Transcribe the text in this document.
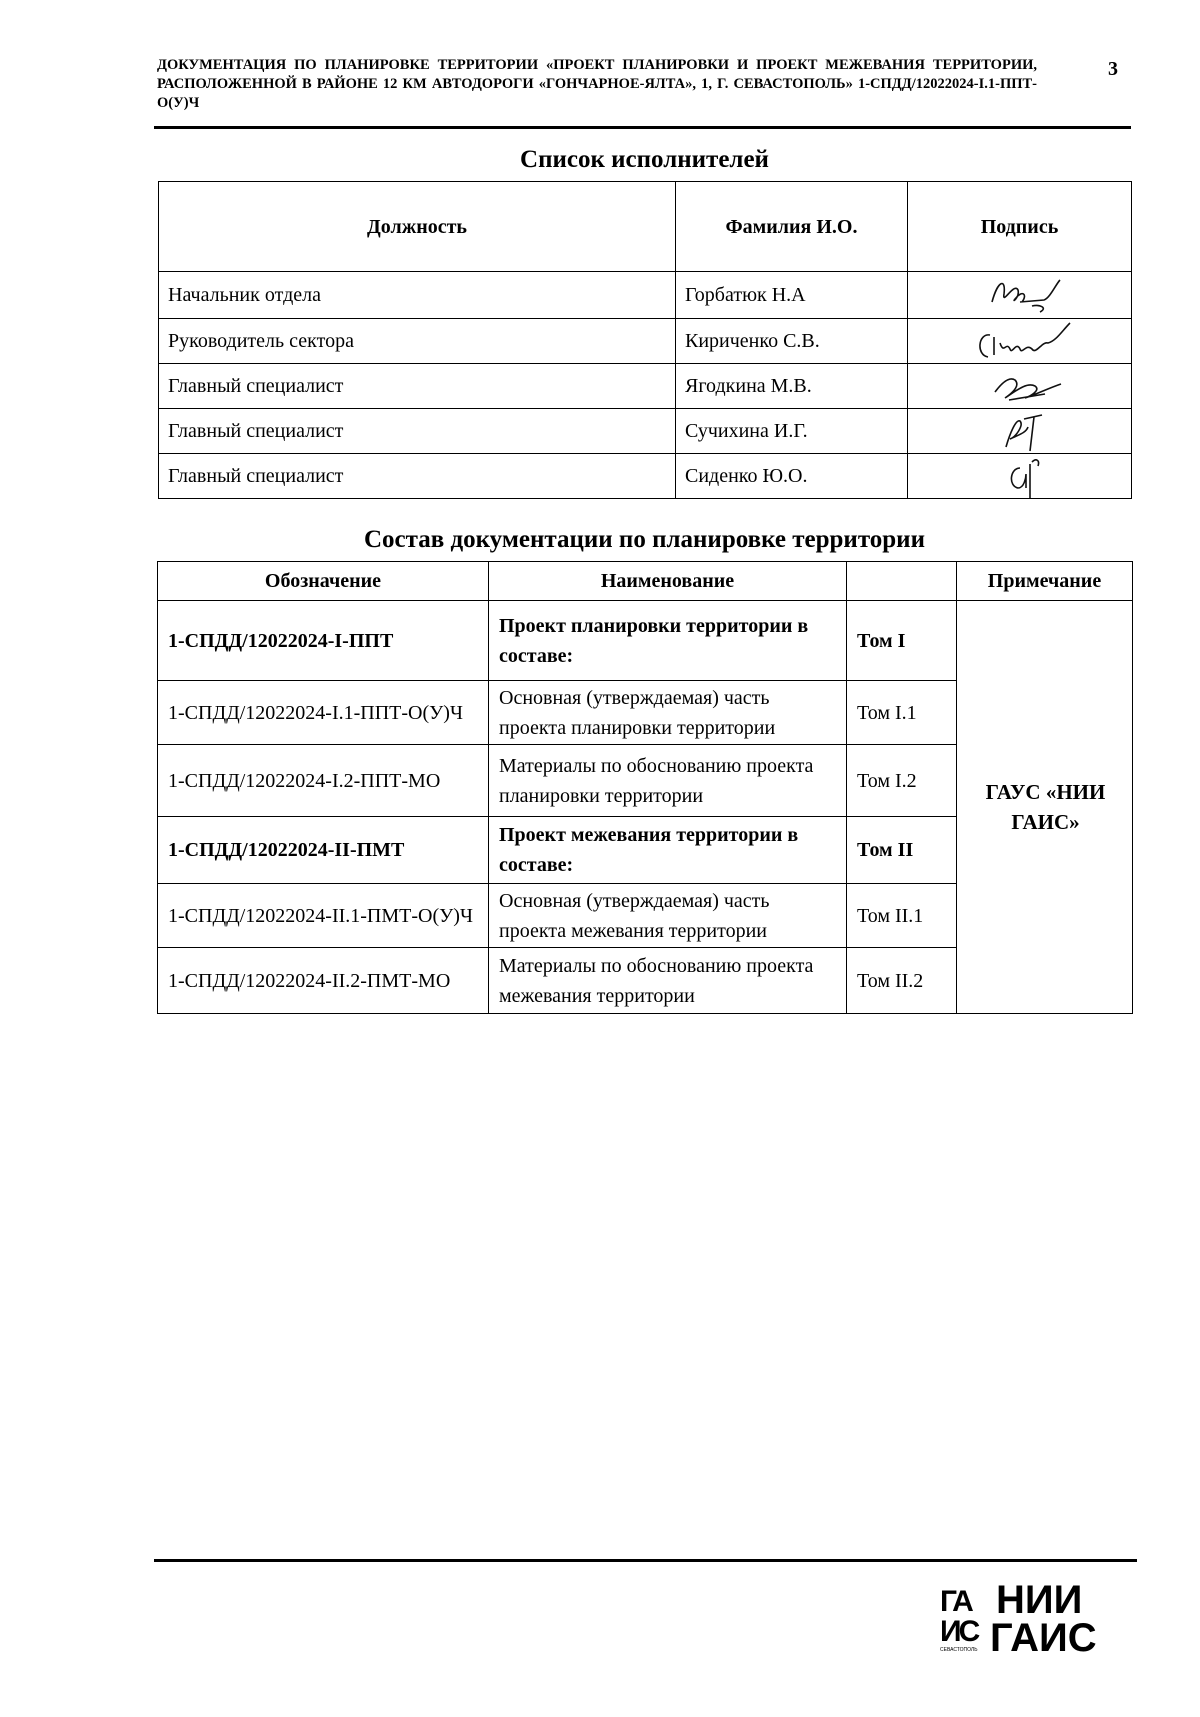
ДОКУМЕНТАЦИЯ ПО ПЛАНИРОВКЕ ТЕРРИТОРИИ «ПРОЕКТ ПЛАНИРОВКИ И ПРОЕКТ МЕЖЕВАНИЯ ТЕРРИТОРИИ, РАСПОЛОЖЕННОЙ В РАЙОНЕ 12 КМ АВТОДОРОГИ «ГОНЧАРНОЕ-ЯЛТА», 1, Г. СЕВАСТОПОЛЬ» 1-СПДД/12022024-I.1-ППТ-О(У)Ч
3
Список исполнителей
Должность	Фамилия И.О.	Подпись
Начальник отдела	Горбатюк Н.А	

Руководитель сектора	Кириченко С.В.	

Главный специалист	Ягодкина М.В.	

Главный специалист	Сучихина И.Г.	

Главный специалист	Сиденко Ю.О.	
Состав документации по планировке территории
Обозначение	Наименование		Примечание
1-СПДД/12022024-I-ППТ	Проект планировки территории в составе:	Том I	ГАУС «НИИ ГАИС»
1-СПДД/12022024-I.1-ППТ-О(У)Ч	Основная (утверждаемая) часть проекта планировки территории	Том I.1	
1-СПДД/12022024-I.2-ППТ-МО	Материалы по обоснованию проекта планировки территории	Том I.2	
1-СПДД/12022024-II-ПМТ	Проект межевания территории в составе:	Том II	
1-СПДД/12022024-II.1-ПМТ-О(У)Ч	Основная (утверждаемая) часть проекта межевания территории	Том II.1	
1-СПДД/12022024-II.2-ПМТ-МО	Материалы по обоснованию проекта межевания территории	Том II.2	
ГА
ИС
СЕВАСТОПОЛЬ
НИИ
ГАИС
